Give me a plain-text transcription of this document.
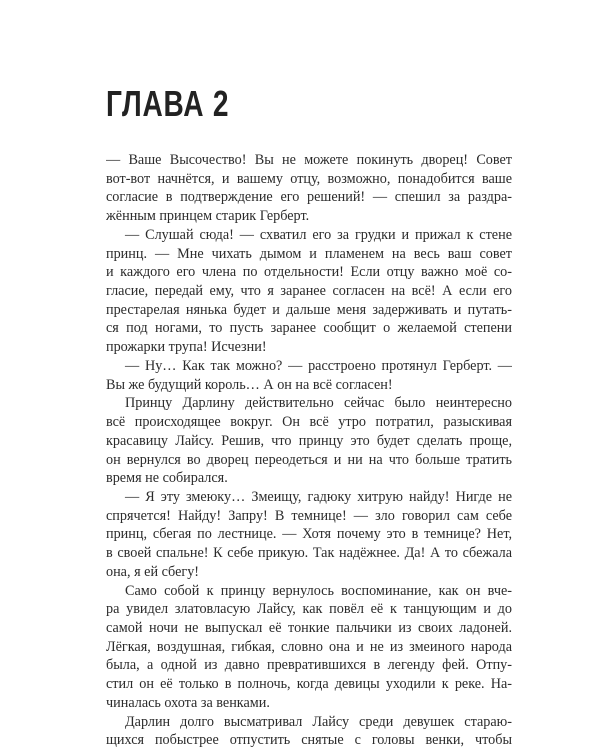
ГЛАВА 2
— Ваше Высочество! Вы не можете покинуть дворец! Совет
вот-вот начнётся, и вашему отцу, возможно, понадобится ваше
согласие в подтверждение его решений! — спешил за раздра-
жённым принцем старик Герберт.
— Слушай сюда! — схватил его за грудки и прижал к стене
принц. — Мне чихать дымом и пламенем на весь ваш совет
и каждого его члена по отдельности! Если отцу важно моё со-
гласие, передай ему, что я заранее согласен на всё! А если его
престарелая нянька будет и дальше меня задерживать и путать-
ся под ногами, то пусть заранее сообщит о желаемой степени
прожарки трупа! Исчезни!
— Ну… Как так можно? — расстроено протянул Герберт. —
Вы же будущий король… А он на всё согласен!
Принцу Дарлину действительно сейчас было неинтересно
всё происходящее вокруг. Он всё утро потратил, разыскивая
красавицу Лайсу. Решив, что принцу это будет сделать проще,
он вернулся во дворец переодеться и ни на что больше тратить
время не собирался.
— Я эту змеюку… Змеищу, гадюку хитрую найду! Нигде не
спрячется! Найду! Запру! В темнице! — зло говорил сам себе
принц, сбегая по лестнице. — Хотя почему это в темнице? Нет,
в своей спальне! К себе прикую. Так надёжнее. Да! А то сбежала
она, я ей сбегу!
Само собой к принцу вернулось воспоминание, как он вче-
ра увидел златовласую Лайсу, как повёл её к танцующим и до
самой ночи не выпускал её тонкие пальчики из своих ладоней.
Лёгкая, воздушная, гибкая, словно она и не из змеиного народа
была, а одной из давно превратившихся в легенду фей. Отпу-
стил он её только в полночь, когда девицы уходили к реке. На-
чиналась охота за венками.
Дарлин долго высматривал Лайсу среди девушек стараю-
щихся побыстрее отпустить снятые с головы венки, чтобы
